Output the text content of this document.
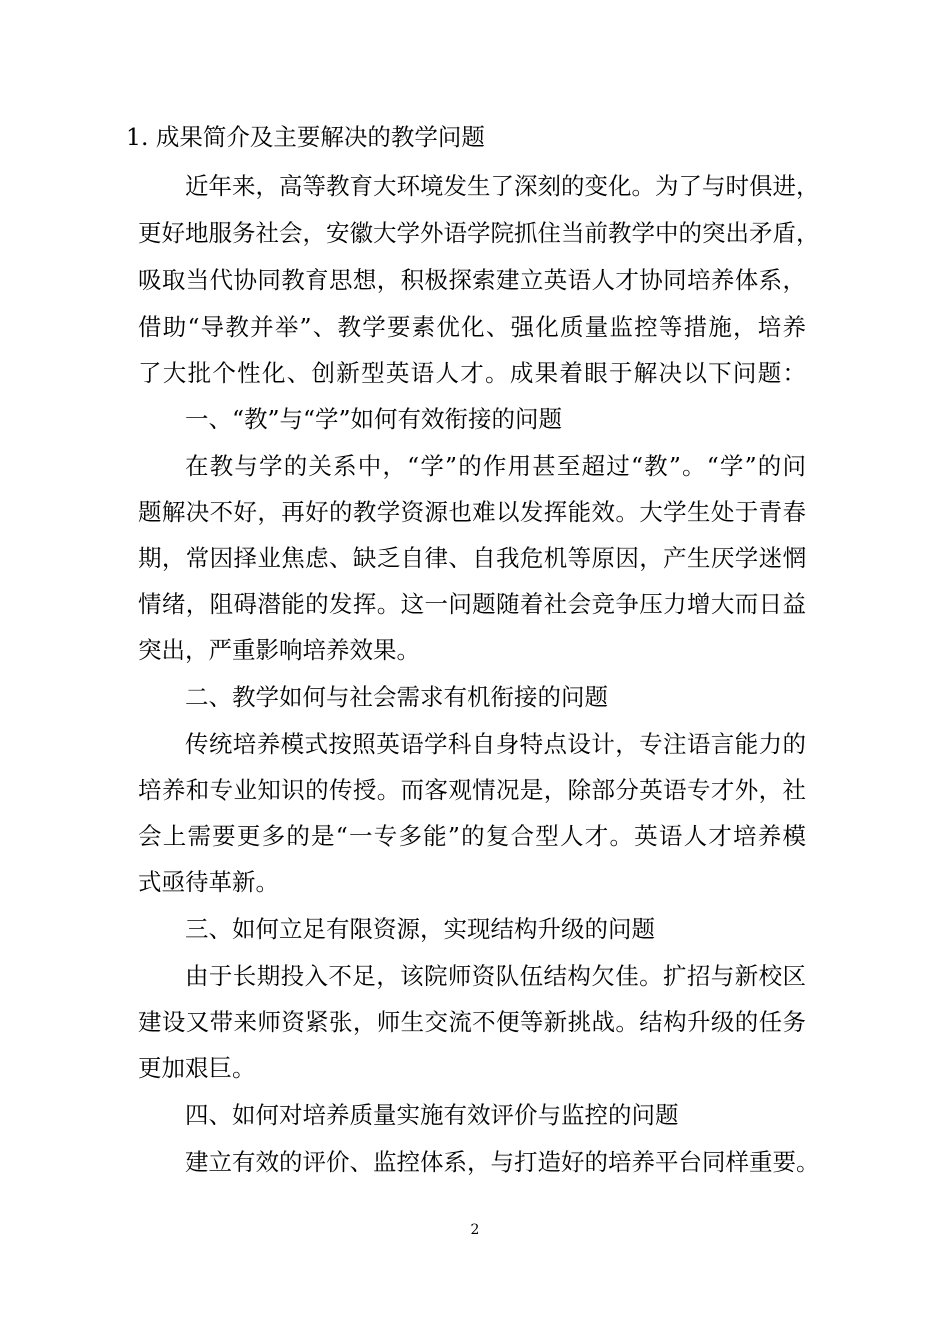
1. 成果简介及主要解决的教学问题
近年来，高等教育大环境发生了深刻的变化。为了与时俱进，
更好地服务社会，安徽大学外语学院抓住当前教学中的突出矛盾，
吸取当代协同教育思想，积极探索建立英语人才协同培养体系，
借助“导教并举”、教学要素优化、强化质量监控等措施，培养
了大批个性化、创新型英语人才。成果着眼于解决以下问题：
一、“教”与“学”如何有效衔接的问题
在教与学的关系中，“学”的作用甚至超过“教”。“学”的问
题解决不好，再好的教学资源也难以发挥能效。大学生处于青春
期，常因择业焦虑、缺乏自律、自我危机等原因，产生厌学迷惘
情绪，阻碍潜能的发挥。这一问题随着社会竞争压力增大而日益
突出，严重影响培养效果。
二、教学如何与社会需求有机衔接的问题
传统培养模式按照英语学科自身特点设计，专注语言能力的
培养和专业知识的传授。而客观情况是，除部分英语专才外，社
会上需要更多的是“一专多能”的复合型人才。英语人才培养模
式亟待革新。
三、如何立足有限资源，实现结构升级的问题
由于长期投入不足，该院师资队伍结构欠佳。扩招与新校区
建设又带来师资紧张，师生交流不便等新挑战。结构升级的任务
更加艰巨。
四、如何对培养质量实施有效评价与监控的问题
建立有效的评价、监控体系，与打造好的培养平台同样重要。
2
